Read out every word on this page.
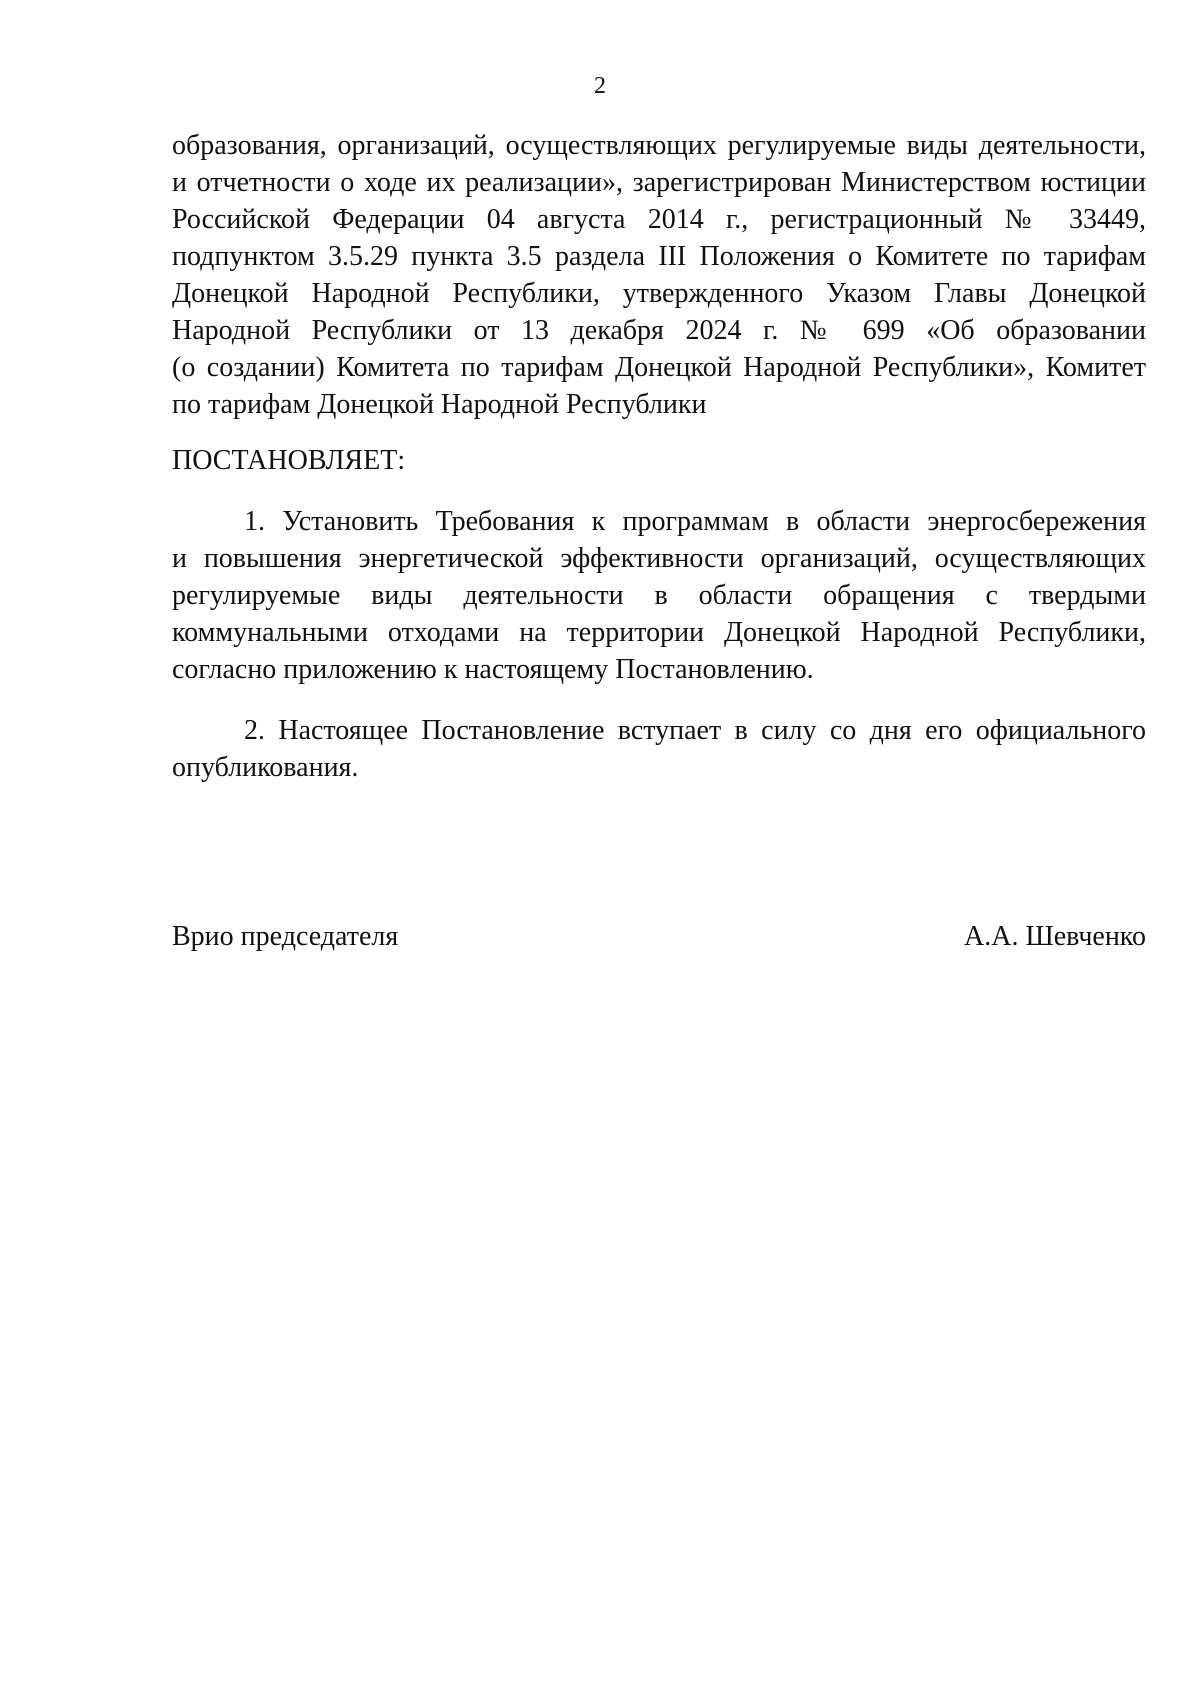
2
образования, организаций, осуществляющих регулируемые виды деятельности,
и отчетности о ходе их реализации», зарегистрирован Министерством юстиции
Российской Федерации 04 августа 2014 г., регистрационный № 33449,
подпунктом 3.5.29 пункта 3.5 раздела III Положения о Комитете по тарифам
Донецкой Народной Республики, утвержденного Указом Главы Донецкой
Народной Республики от 13 декабря 2024 г. № 699 «Об образовании
(о создании) Комитета по тарифам Донецкой Народной Республики», Комитет
по тарифам Донецкой Народной Республики
ПОСТАНОВЛЯЕТ:
1. Установить Требования к программам в области энергосбережения
и повышения энергетической эффективности организаций, осуществляющих
регулируемые виды деятельности в области обращения с твердыми
коммунальными отходами на территории Донецкой Народной Республики,
согласно приложению к настоящему Постановлению.
2. Настоящее Постановление вступает в силу со дня его официального
опубликования.
Врио председателя	А.А. Шевченко
